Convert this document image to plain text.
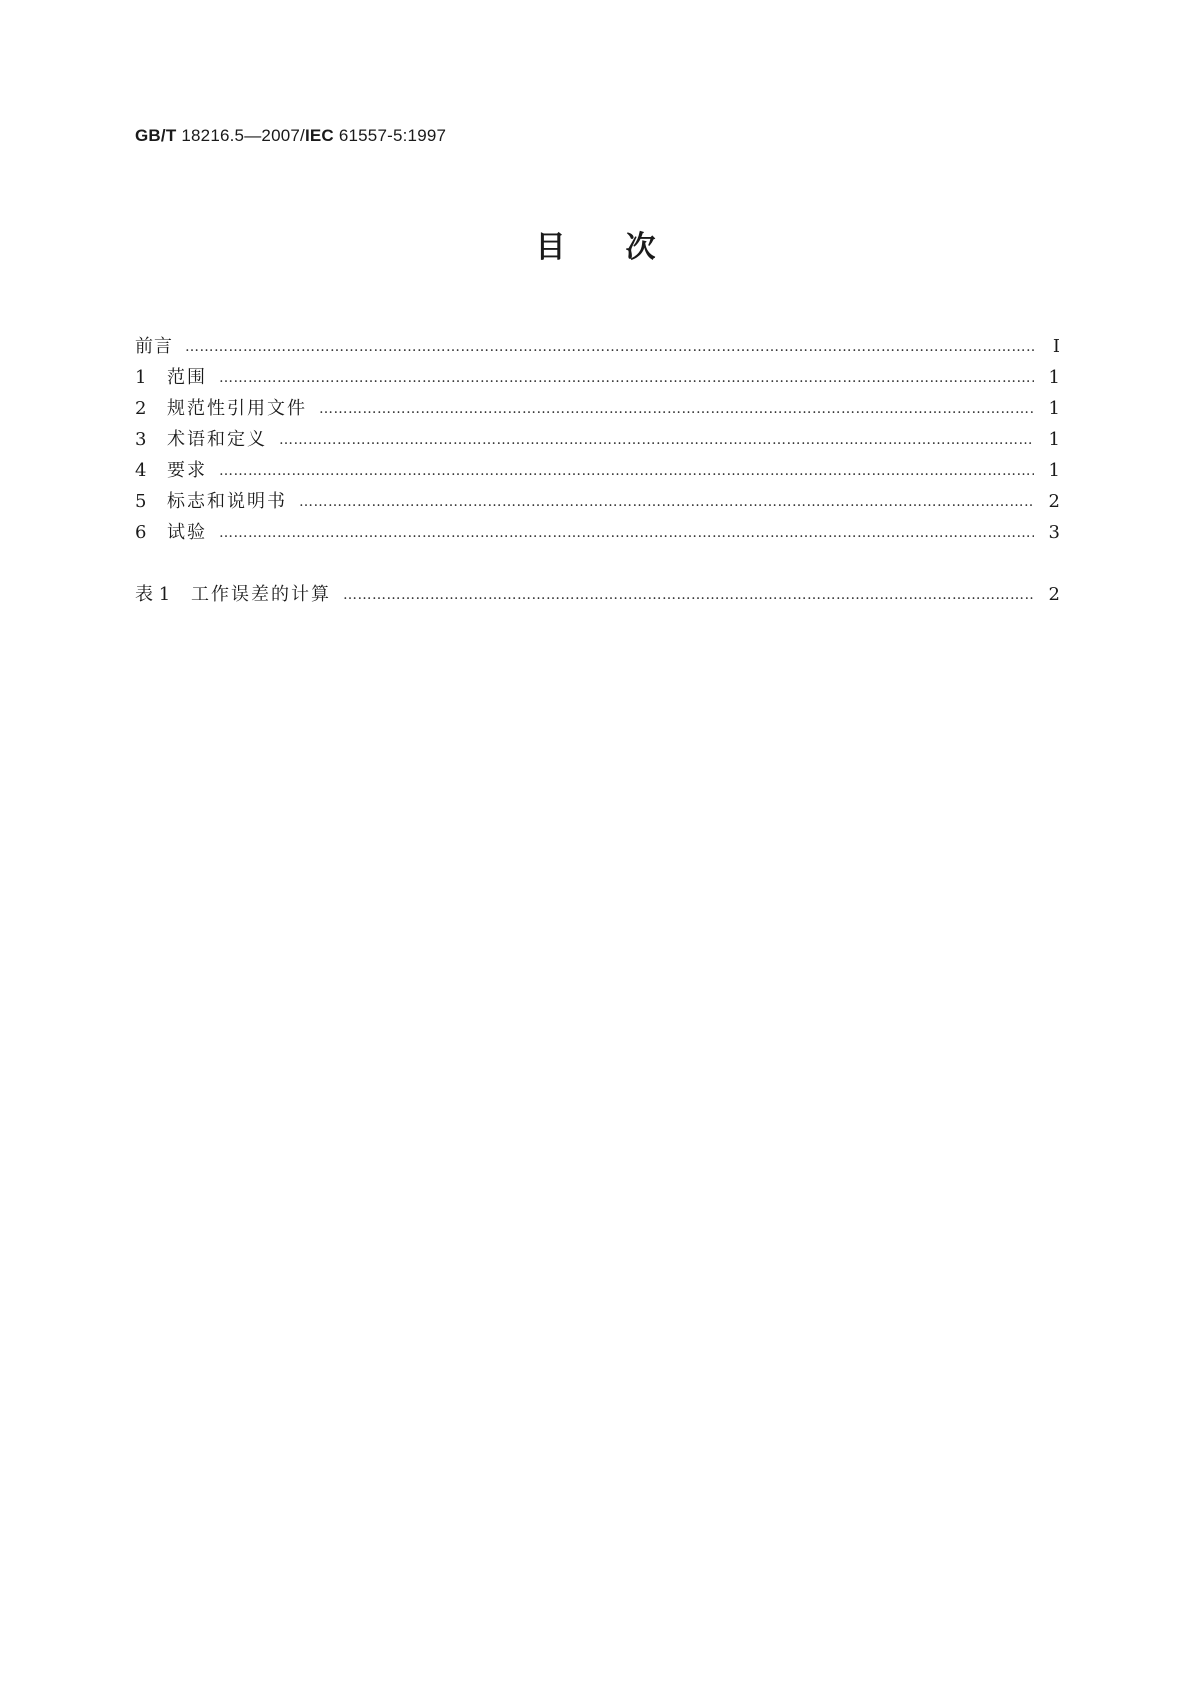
GB/T 18216.5—2007/IEC 61557-5:1997
目次
前言 ……………………………………………………………………………………………………………………………………………………………………………………………………………………	Ⅰ
1	范围 ……………………………………………………………………………………………………………………………………………………………………………………………………………………	1
2	规范性引用文件 ……………………………………………………………………………………………………………………………………………………………………………………………………………………	1
3	术语和定义 ……………………………………………………………………………………………………………………………………………………………………………………………………………………	1
4	要求 ……………………………………………………………………………………………………………………………………………………………………………………………………………………	1
5	标志和说明书 ……………………………………………………………………………………………………………………………………………………………………………………………………………………	2
6	试验 ……………………………………………………………………………………………………………………………………………………………………………………………………………………	3
表 1	工作误差的计算 ……………………………………………………………………………………………………………………………………………………………………………………………………………………	2
